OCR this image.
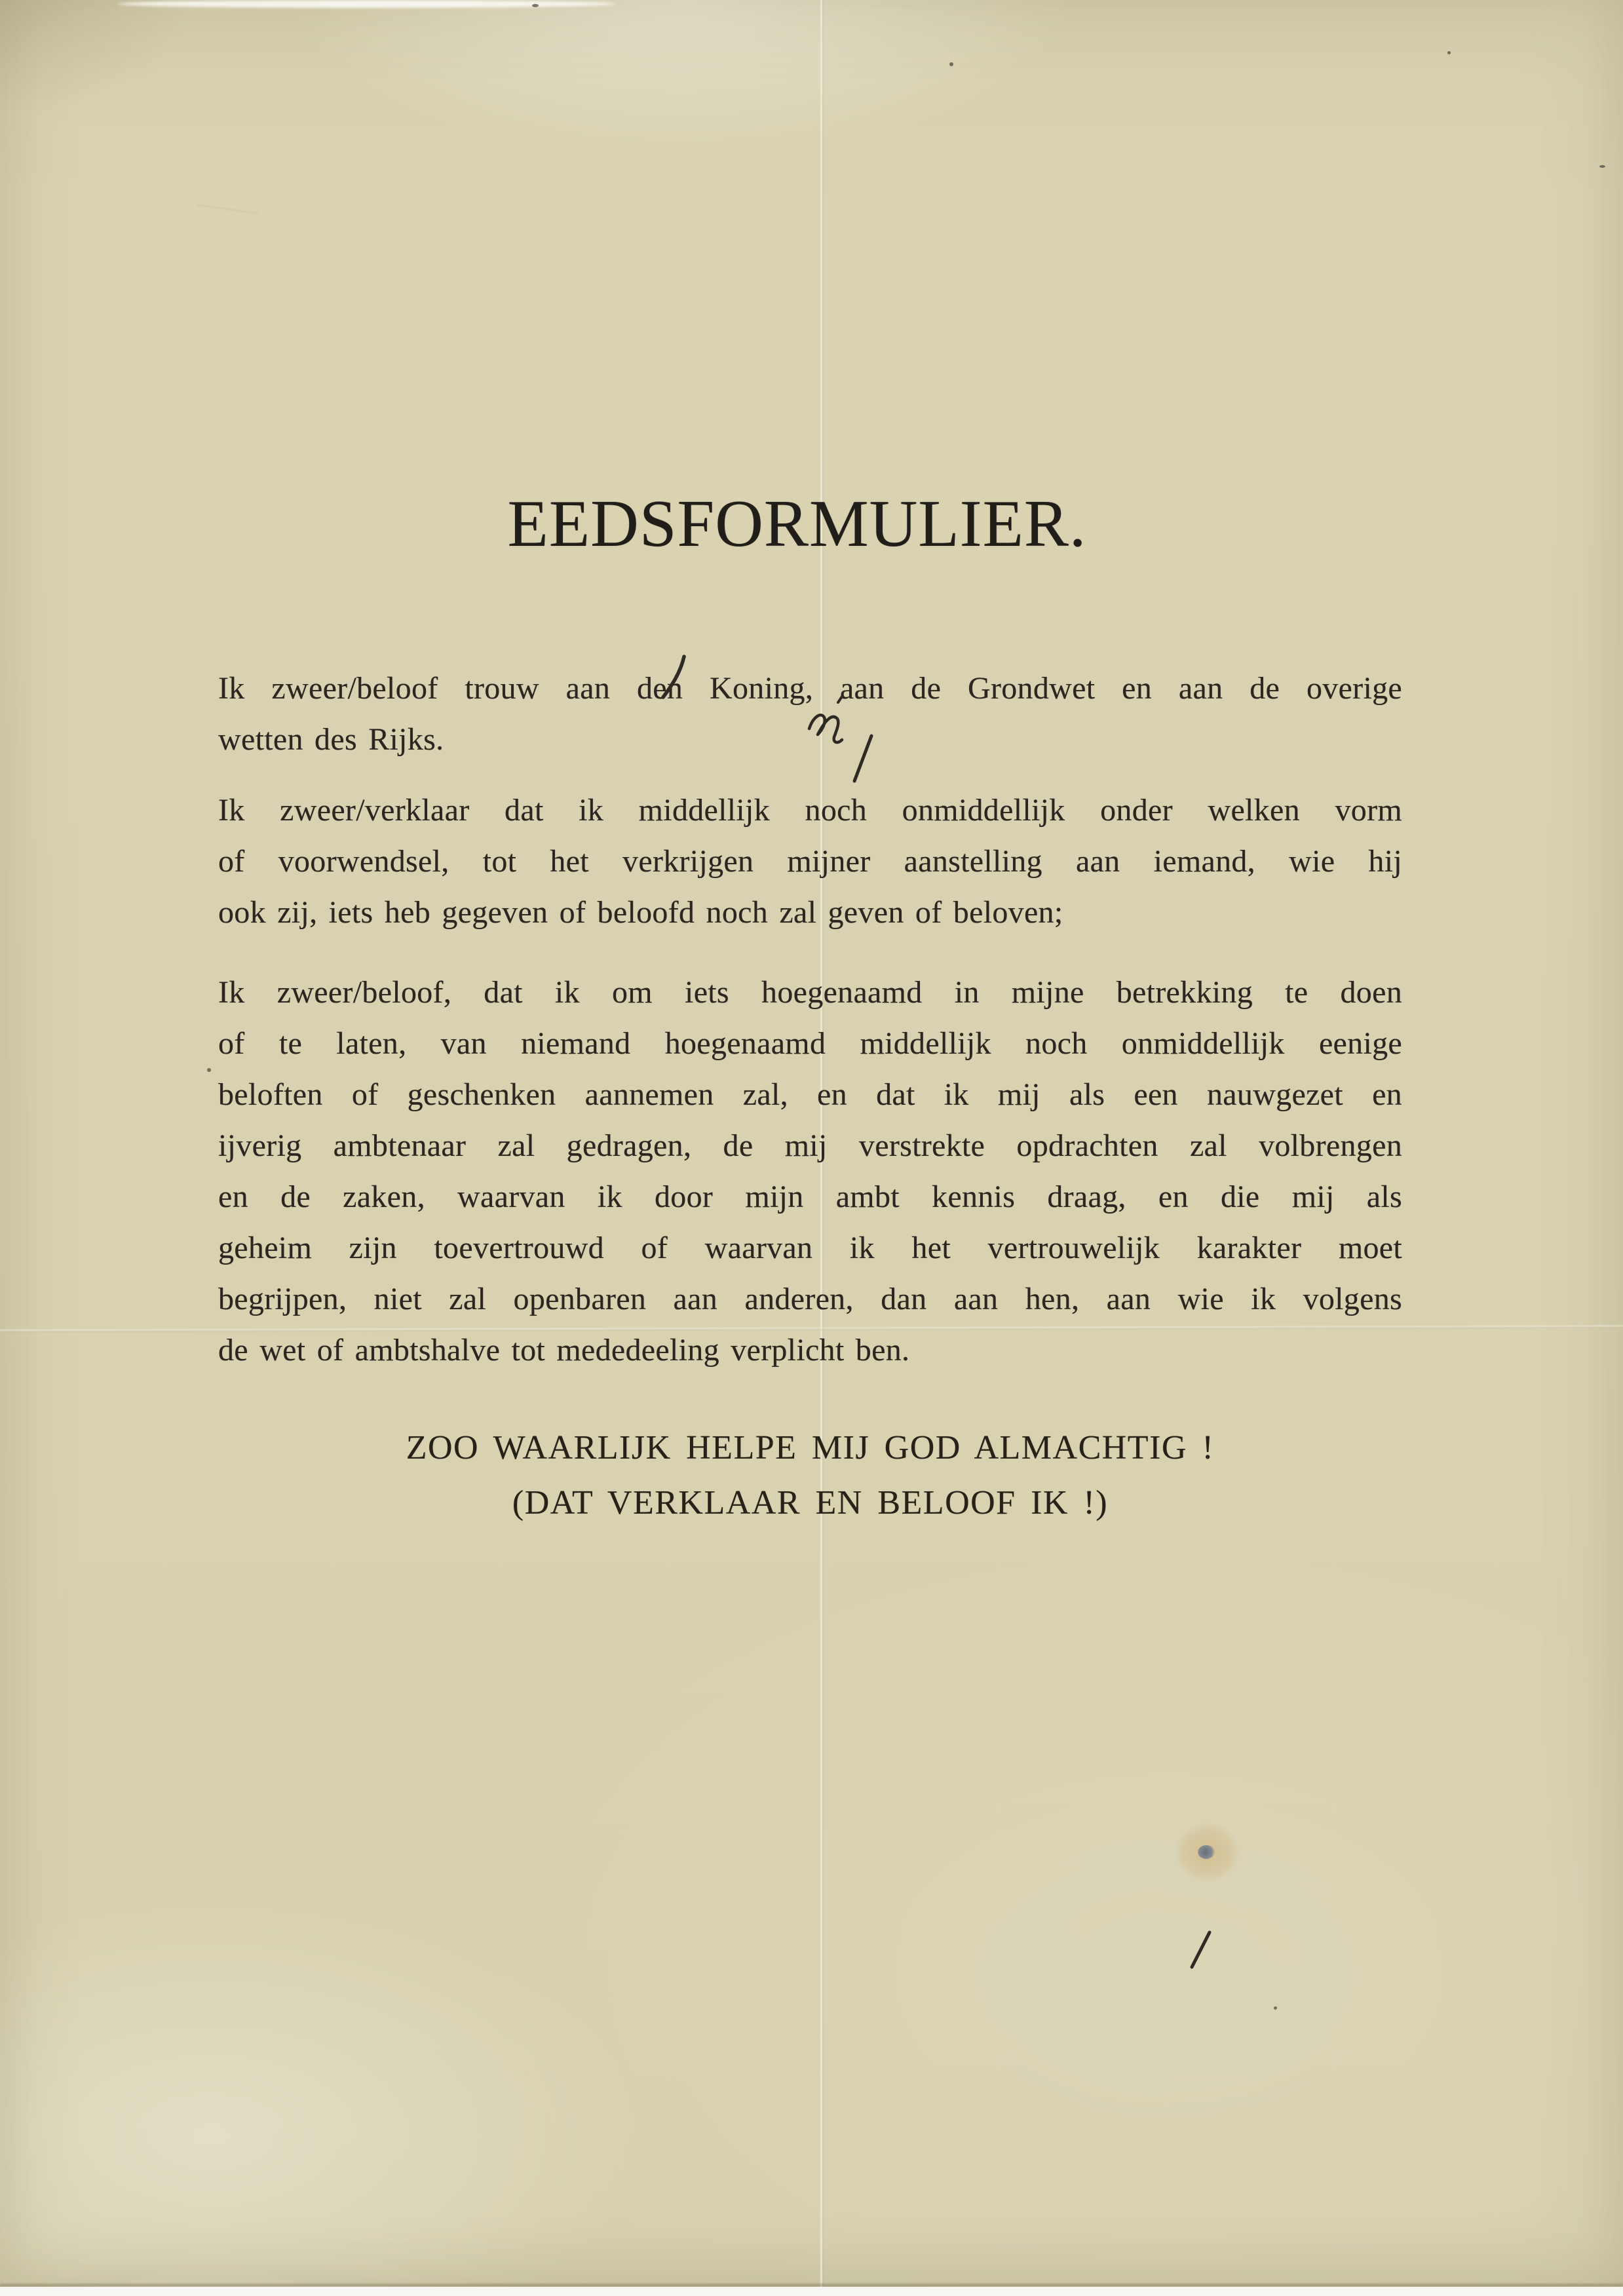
EEDSFORMULIER.
Ik zweer/beloof trouw aan den
Koning,
aan de Grondwet en aan de overige
wetten des Rijks.
Ik zweer/verklaar dat ik middellijk noch onmiddellijk onder welken vorm
of voorwendsel, tot het verkrijgen mijner aanstelling aan iemand, wie hij
ook zij, iets heb gegeven of beloofd noch zal geven of beloven;
Ik zweer/beloof, dat ik om iets hoegenaamd in mijne betrekking te doen
of te laten, van niemand hoegenaamd middellijk noch onmiddellijk eenige
beloften of geschenken aannemen zal, en dat ik mij als een nauwgezet en
ijverig ambtenaar zal gedragen, de mij verstrekte opdrachten zal volbrengen
en de zaken, waarvan ik door mijn ambt kennis draag, en die mij als
geheim zijn toevertrouwd of waarvan ik het vertrouwelijk karakter moet
begrijpen, niet zal openbaren aan anderen, dan aan hen, aan wie ik volgens
de wet of ambtshalve tot mededeeling verplicht ben.
ZOO WAARLIJK HELPE MIJ GOD ALMACHTIG !
(DAT VERKLAAR EN BELOOF IK !)
